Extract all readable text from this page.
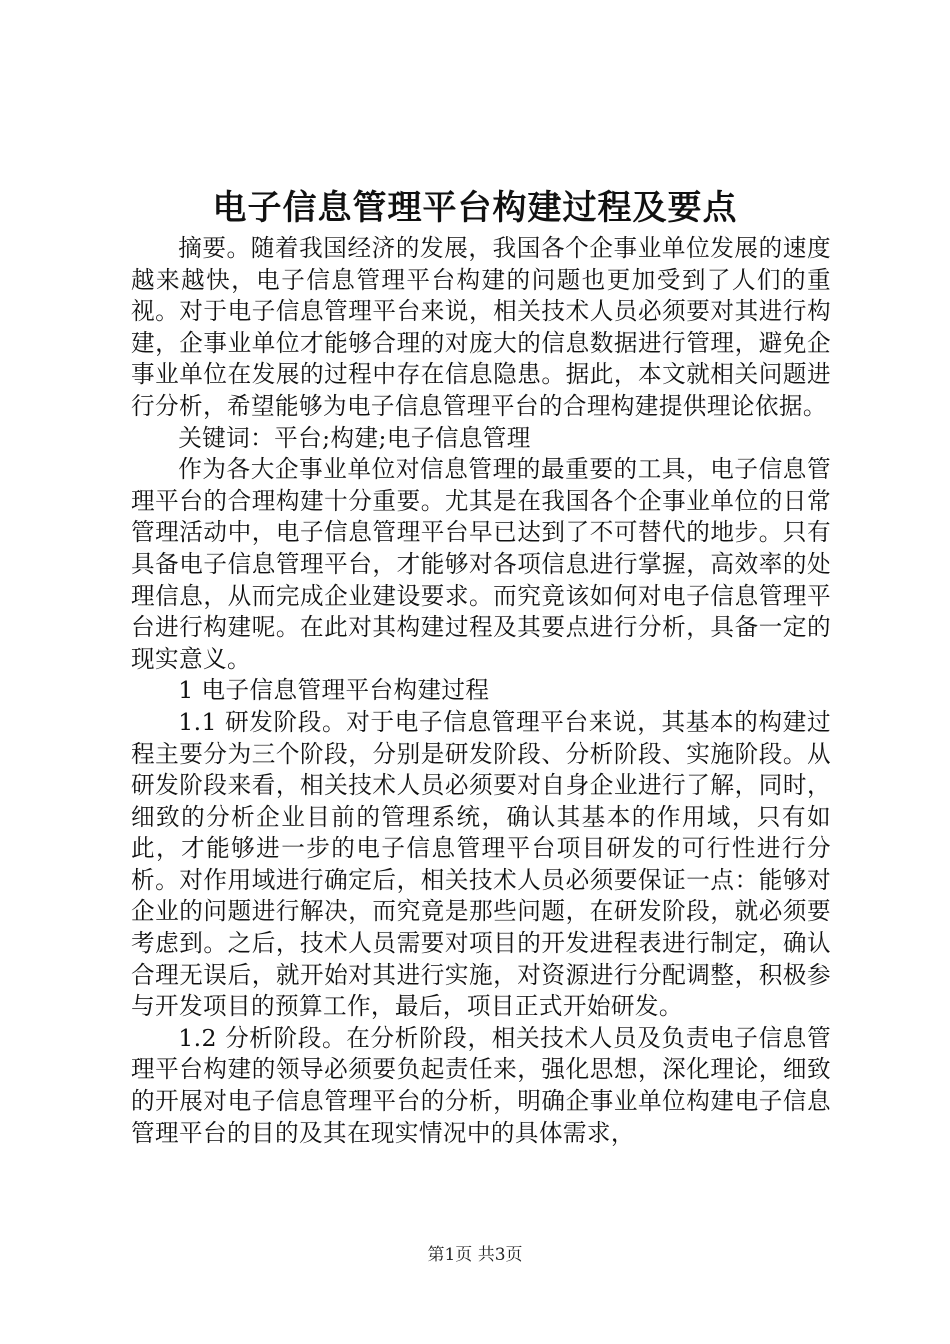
电子信息管理平台构建过程及要点

摘要。随着我国经济的发展，我国各个企事业单位发展的速度越来越快，电子信息管理平台构建的问题也更加受到了人们的重视。对于电子信息管理平台来说，相关技术人员必须要对其进行构建，企事业单位才能够合理的对庞大的信息数据进行管理，避免企事业单位在发展的过程中存在信息隐患。据此，本文就相关问题进行分析，希望能够为电子信息管理平台的合理构建提供理论依据。

关键词：平台;构建;电子信息管理

作为各大企事业单位对信息管理的最重要的工具，电子信息管理平台的合理构建十分重要。尤其是在我国各个企事业单位的日常管理活动中，电子信息管理平台早已达到了不可替代的地步。只有具备电子信息管理平台，才能够对各项信息进行掌握，高效率的处理信息，从而完成企业建设要求。而究竟该如何对电子信息管理平台进行构建呢。在此对其构建过程及其要点进行分析，具备一定的现实意义。

1 电子信息管理平台构建过程

1.1 研发阶段。对于电子信息管理平台来说，其基本的构建过程主要分为三个阶段，分别是研发阶段、分析阶段、实施阶段。从研发阶段来看，相关技术人员必须要对自身企业进行了解，同时，细致的分析企业目前的管理系统，确认其基本的作用域，只有如此，才能够进一步的电子信息管理平台项目研发的可行性进行分析。对作用域进行确定后，相关技术人员必须要保证一点：能够对企业的问题进行解决，而究竟是那些问题，在研发阶段，就必须要考虑到。之后，技术人员需要对项目的开发进程表进行制定，确认合理无误后，就开始对其进行实施，对资源进行分配调整，积极参与开发项目的预算工作，最后，项目正式开始研发。

1.2 分析阶段。在分析阶段，相关技术人员及负责电子信息管理平台构建的领导必须要负起责任来，强化思想，深化理论，细致的开展对电子信息管理平台的分析，明确企事业单位构建电子信息管理平台的目的及其在现实情况中的具体需求，

第1页 共3页
